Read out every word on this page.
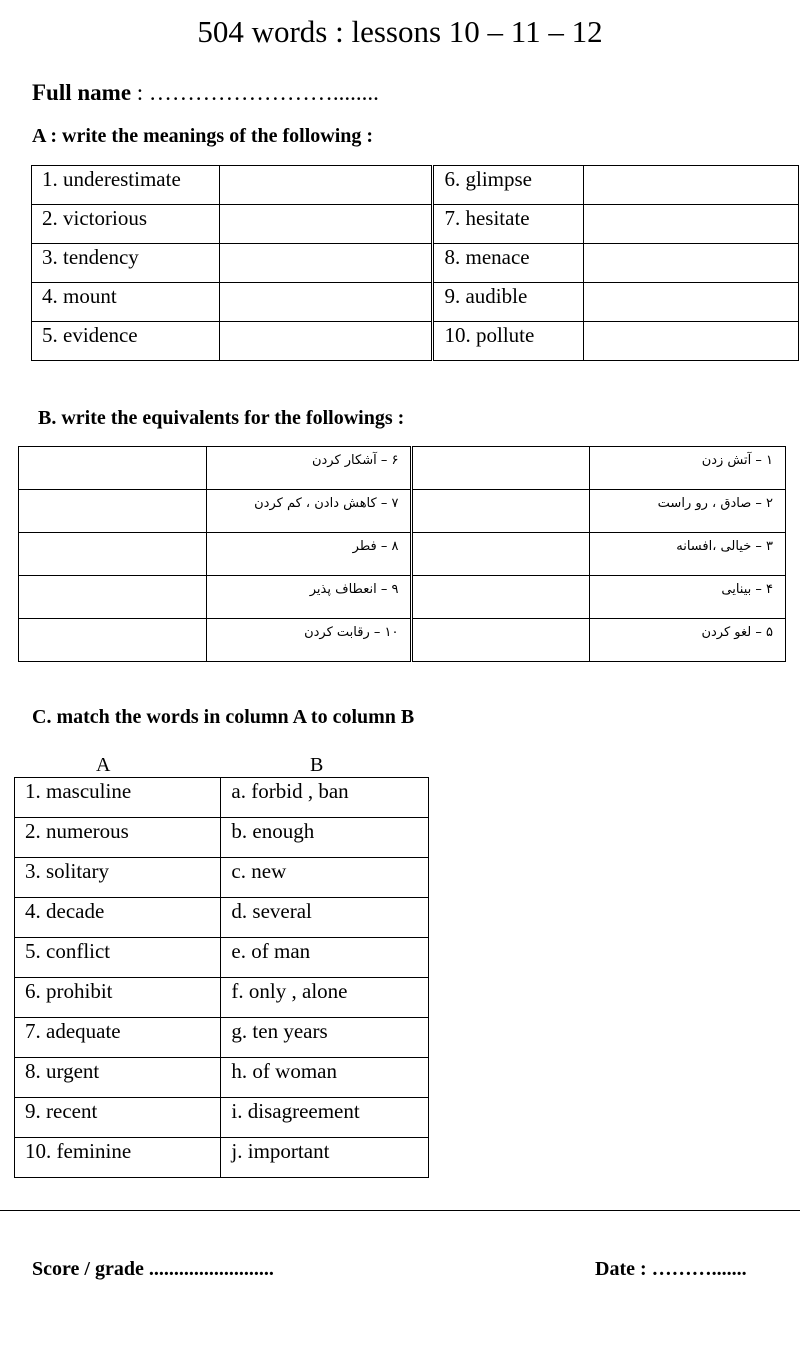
504 words : lessons 10 – 11 – 12
Full name : ……………………........
A : write the meanings of the following :
1. underestimate		6. glimpse	
2. victorious		7. hesitate	
3. tendency		8. menace	
4. mount		9. audible	
5. evidence		10. pollute	
B. write the equivalents for the followings :
	۶ – آشکار کردن		۱ – آتش زدن
	۷ – کاهش دادن ، کم کردن		۲ – صادق ، رو راست
	۸ – فطر		۳ – خیالی ،افسانه
	۹ – انعطاف پذیر		۴ – بینایی
	۱۰ – رقابت کردن		۵ – لغو کردن
C. match the words in column A to column B
A	B
1. masculine	a. forbid , ban
2. numerous	b. enough
3. solitary	c. new
4. decade	d. several
5. conflict	e. of man
6. prohibit	f. only , alone
7. adequate	g. ten years
8. urgent	h. of woman
9. recent	i. disagreement
10. feminine	j. important
Score / grade .........................	Date : ……….......
